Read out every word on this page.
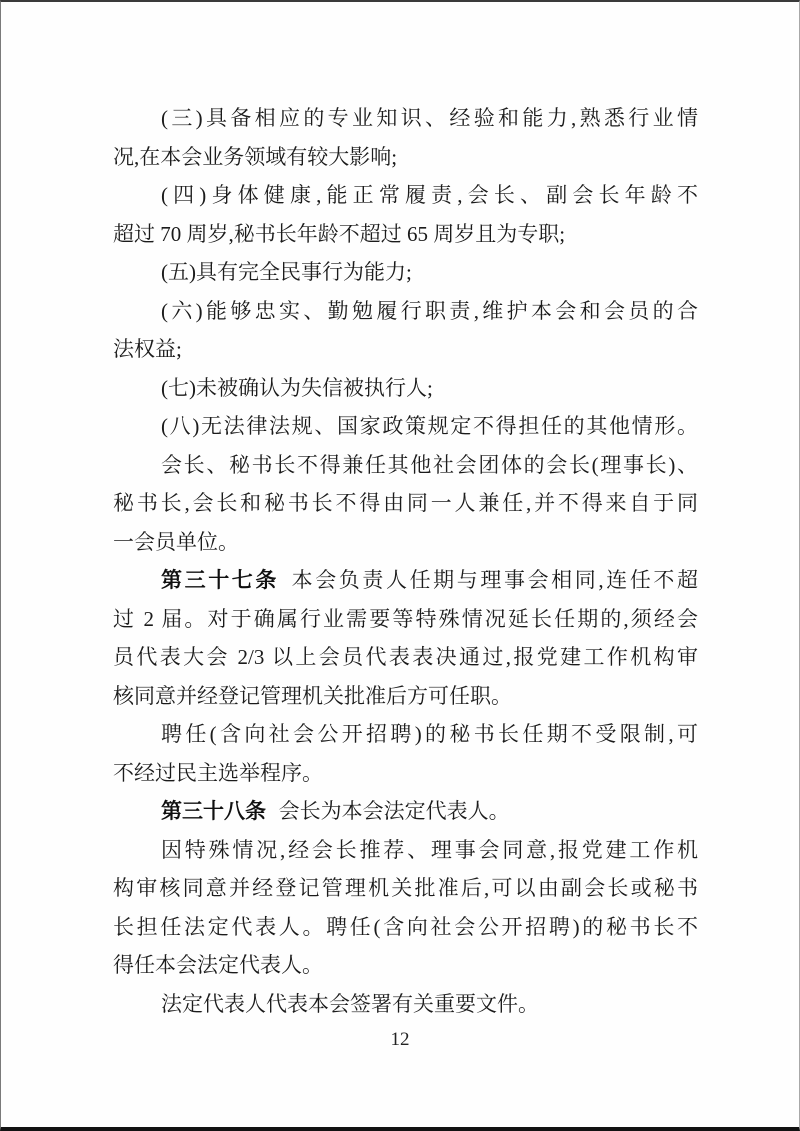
(三)具备相应的专业知识、经验和能力,熟悉行业情
况,在本会业务领域有较大影响;
(四)身体健康,能正常履责,会长、副会长年龄不
超过 70 周岁,秘书长年龄不超过 65 周岁且为专职;
(五)具有完全民事行为能力;
(六)能够忠实、勤勉履行职责,维护本会和会员的合
法权益;
(七)未被确认为失信被执行人;
(八)无法律法规、国家政策规定不得担任的其他情形。
会长、秘书长不得兼任其他社会团体的会长(理事长)、
秘书长,会长和秘书长不得由同一人兼任,并不得来自于同
一会员单位。
第三十七条 本会负责人任期与理事会相同,连任不超
过 2 届。对于确属行业需要等特殊情况延长任期的,须经会
员代表大会 2/3 以上会员代表表决通过,报党建工作机构审
核同意并经登记管理机关批准后方可任职。
聘任(含向社会公开招聘)的秘书长任期不受限制,可
不经过民主选举程序。
第三十八条 会长为本会法定代表人。
因特殊情况,经会长推荐、理事会同意,报党建工作机
构审核同意并经登记管理机关批准后,可以由副会长或秘书
长担任法定代表人。聘任(含向社会公开招聘)的秘书长不
得任本会法定代表人。
法定代表人代表本会签署有关重要文件。
12
